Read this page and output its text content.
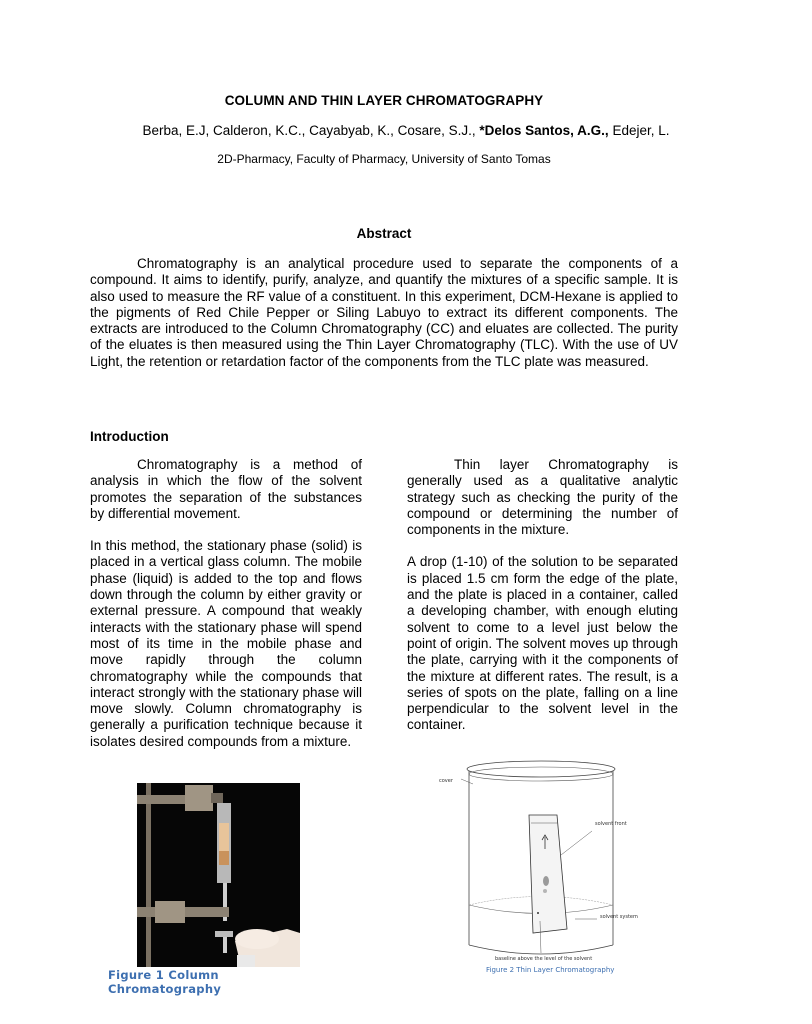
COLUMN AND THIN LAYER CHROMATOGRAPHY
Berba, E.J, Calderon, K.C., Cayabyab, K., Cosare, S.J., *Delos Santos, A.G., Edejer, L.
2D-Pharmacy, Faculty of Pharmacy, University of Santo Tomas
Abstract

Chromatography is an analytical procedure used to separate the components of a compound. It aims to identify, purify, analyze, and quantify the mixtures of a specific sample. It is also used to measure the RF value of a constituent. In this experiment, DCM-Hexane is applied to the pigments of Red Chile Pepper or Siling Labuyo to extract its different components. The extracts are introduced to the Column Chromatography (CC) and eluates are collected. The purity of the eluates is then measured using the Thin Layer Chromatography (TLC). With the use of UV Light, the retention or retardation factor of the components from the TLC plate was measured.

Introduction

Chromatography is a method of analysis in which the flow of the solvent promotes the separation of the substances by differential movement.

In this method, the stationary phase (solid) is placed in a vertical glass column. The mobile phase (liquid) is added to the top and flows down through the column by either gravity or external pressure. A compound that weakly interacts with the stationary phase will spend most of its time in the mobile phase and move rapidly through the column chromatography while the compounds that interact strongly with the stationary phase will move slowly. Column chromatography is generally a purification technique because it isolates desired compounds from a mixture.

Thin layer Chromatography is generally used as a qualitative analytic strategy such as checking the purity of the compound or determining the number of components in the mixture.

A drop (1-10) of the solution to be separated is placed 1.5 cm form the edge of the plate, and the plate is placed in a container, called a developing chamber, with enough eluting solvent to come to a level just below the point of origin. The solvent moves up through the plate, carrying with it the components of the mixture at different rates. The result, is a series of spots on the plate, falling on a line perpendicular to the solvent level in the container.

Figure 1 Column Chromatography
cover
solvent front
solvent system
baseline above the level of the solvent
Figure 2 Thin Layer Chromatography
